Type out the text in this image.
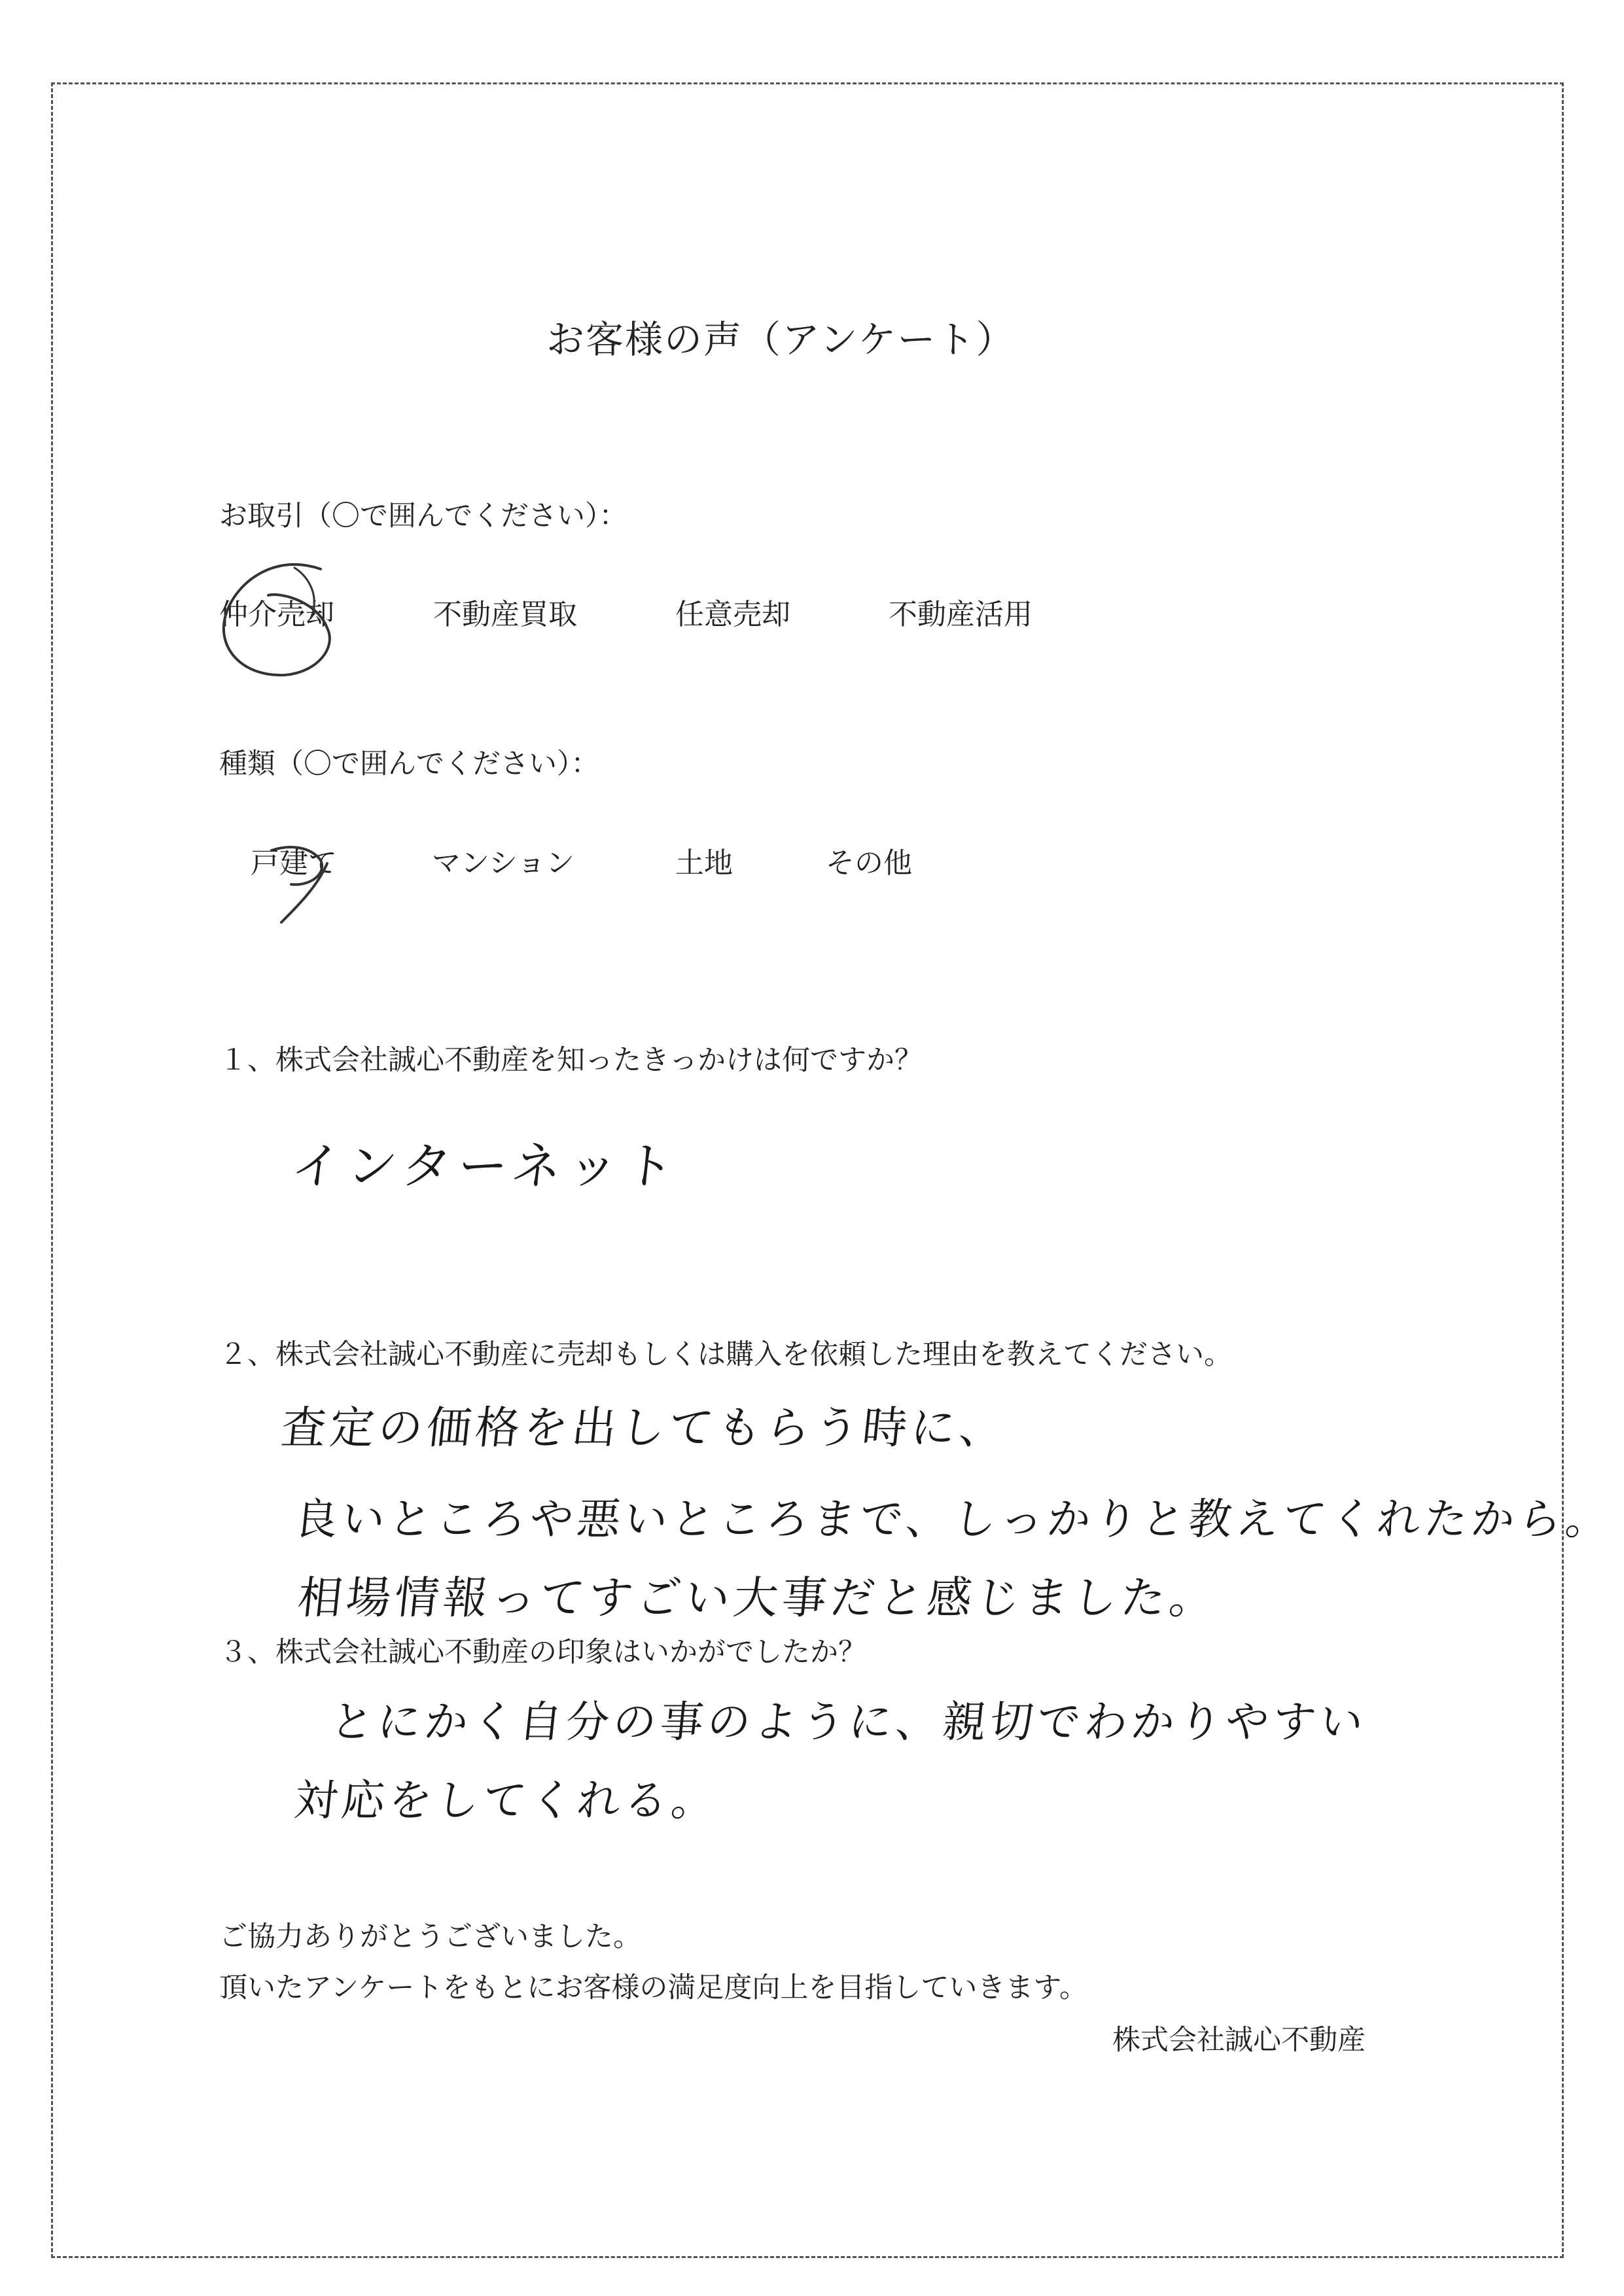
お客様の声（アンケート）
お取引（〇で囲んでください）：
仲介売却	不動産買取	任意売却	不動産活用
種類（〇で囲んでください）：
戸建て	マンション	土地	その他
１、株式会社誠心不動産を知ったきっかけは何ですか？
インターネット
２、株式会社誠心不動産に売却もしくは購入を依頼した理由を教えてください。
査定の価格を出してもらう時に、
良いところや悪いところまで、しっかりと教えてくれたから。
相場情報ってすごい大事だと感じました。
３、株式会社誠心不動産の印象はいかがでしたか？
とにかく自分の事のように、親切でわかりやすい
対応をしてくれる。
ご協力ありがとうございました。
頂いたアンケートをもとにお客様の満足度向上を目指していきます。
株式会社誠心不動産
